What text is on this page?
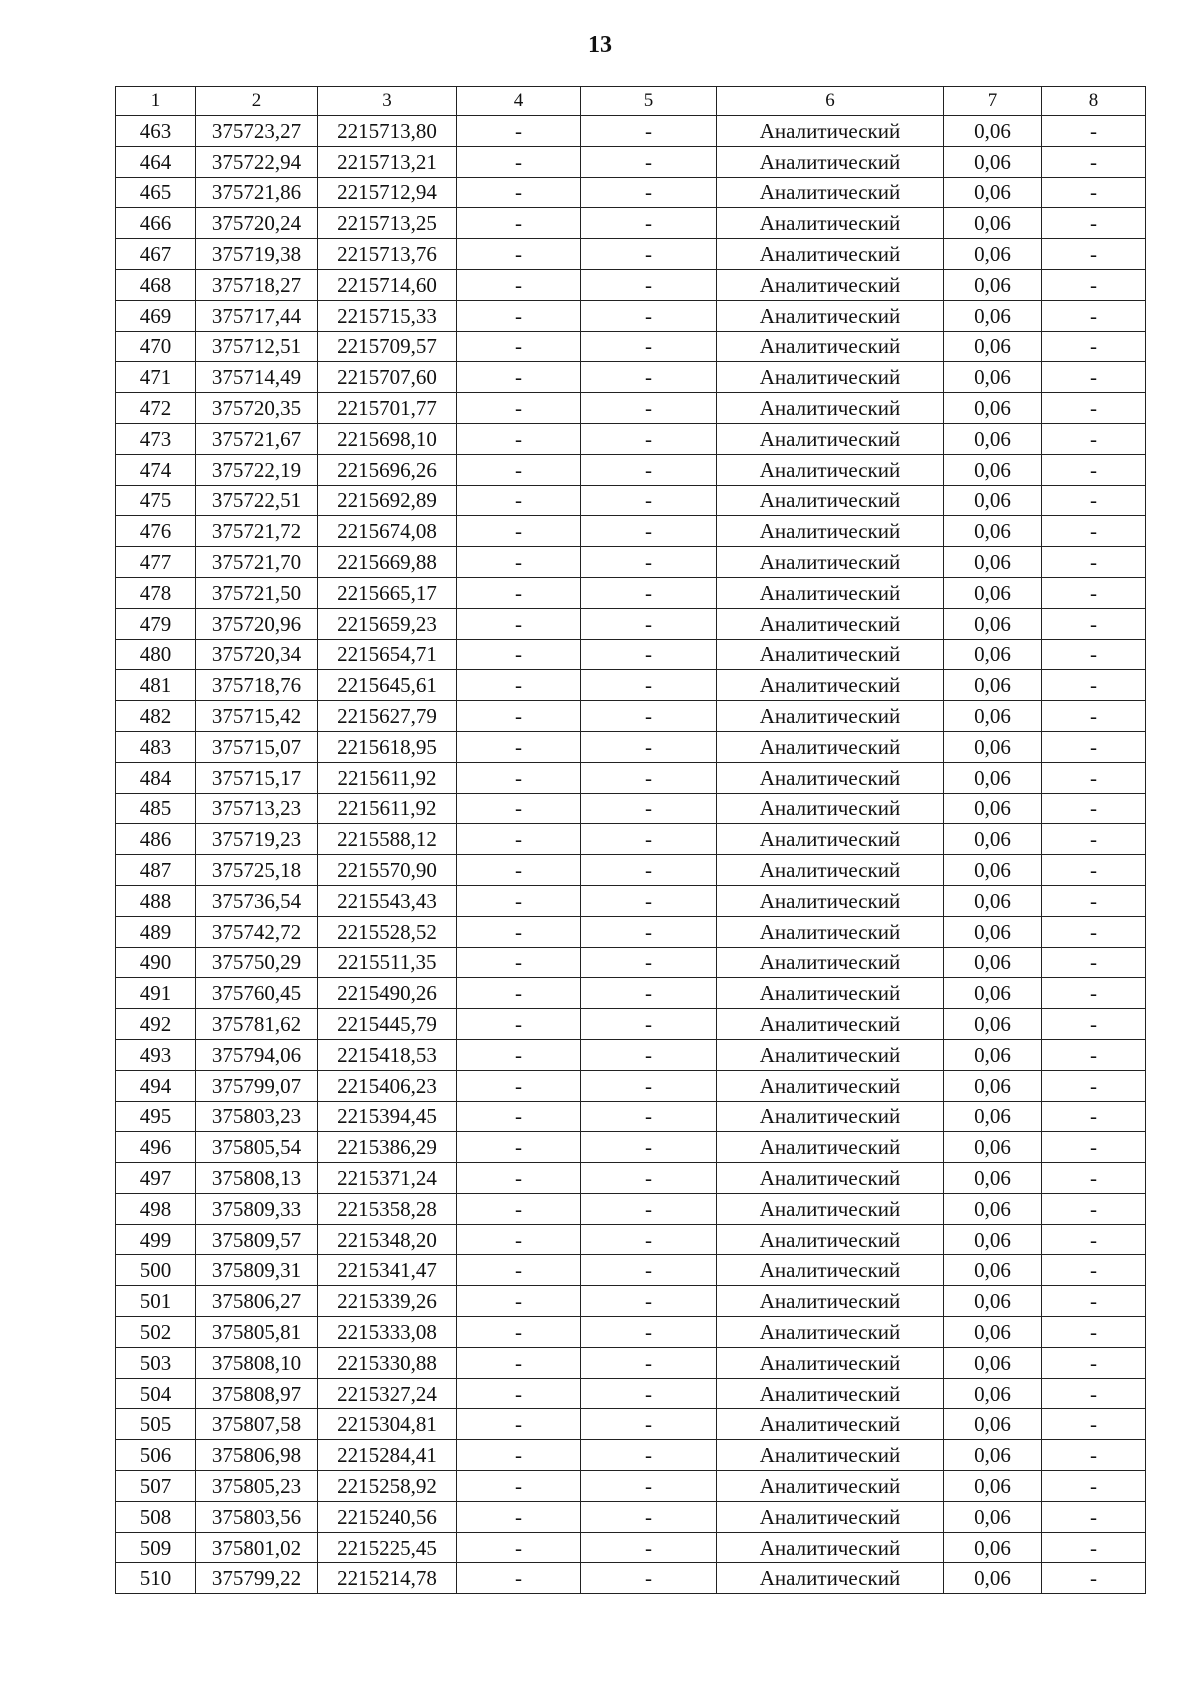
13
1	2	3	4	5	6	7	8
463	375723,27	2215713,80	-	-	Аналитический	0,06	-
464	375722,94	2215713,21	-	-	Аналитический	0,06	-
465	375721,86	2215712,94	-	-	Аналитический	0,06	-
466	375720,24	2215713,25	-	-	Аналитический	0,06	-
467	375719,38	2215713,76	-	-	Аналитический	0,06	-
468	375718,27	2215714,60	-	-	Аналитический	0,06	-
469	375717,44	2215715,33	-	-	Аналитический	0,06	-
470	375712,51	2215709,57	-	-	Аналитический	0,06	-
471	375714,49	2215707,60	-	-	Аналитический	0,06	-
472	375720,35	2215701,77	-	-	Аналитический	0,06	-
473	375721,67	2215698,10	-	-	Аналитический	0,06	-
474	375722,19	2215696,26	-	-	Аналитический	0,06	-
475	375722,51	2215692,89	-	-	Аналитический	0,06	-
476	375721,72	2215674,08	-	-	Аналитический	0,06	-
477	375721,70	2215669,88	-	-	Аналитический	0,06	-
478	375721,50	2215665,17	-	-	Аналитический	0,06	-
479	375720,96	2215659,23	-	-	Аналитический	0,06	-
480	375720,34	2215654,71	-	-	Аналитический	0,06	-
481	375718,76	2215645,61	-	-	Аналитический	0,06	-
482	375715,42	2215627,79	-	-	Аналитический	0,06	-
483	375715,07	2215618,95	-	-	Аналитический	0,06	-
484	375715,17	2215611,92	-	-	Аналитический	0,06	-
485	375713,23	2215611,92	-	-	Аналитический	0,06	-
486	375719,23	2215588,12	-	-	Аналитический	0,06	-
487	375725,18	2215570,90	-	-	Аналитический	0,06	-
488	375736,54	2215543,43	-	-	Аналитический	0,06	-
489	375742,72	2215528,52	-	-	Аналитический	0,06	-
490	375750,29	2215511,35	-	-	Аналитический	0,06	-
491	375760,45	2215490,26	-	-	Аналитический	0,06	-
492	375781,62	2215445,79	-	-	Аналитический	0,06	-
493	375794,06	2215418,53	-	-	Аналитический	0,06	-
494	375799,07	2215406,23	-	-	Аналитический	0,06	-
495	375803,23	2215394,45	-	-	Аналитический	0,06	-
496	375805,54	2215386,29	-	-	Аналитический	0,06	-
497	375808,13	2215371,24	-	-	Аналитический	0,06	-
498	375809,33	2215358,28	-	-	Аналитический	0,06	-
499	375809,57	2215348,20	-	-	Аналитический	0,06	-
500	375809,31	2215341,47	-	-	Аналитический	0,06	-
501	375806,27	2215339,26	-	-	Аналитический	0,06	-
502	375805,81	2215333,08	-	-	Аналитический	0,06	-
503	375808,10	2215330,88	-	-	Аналитический	0,06	-
504	375808,97	2215327,24	-	-	Аналитический	0,06	-
505	375807,58	2215304,81	-	-	Аналитический	0,06	-
506	375806,98	2215284,41	-	-	Аналитический	0,06	-
507	375805,23	2215258,92	-	-	Аналитический	0,06	-
508	375803,56	2215240,56	-	-	Аналитический	0,06	-
509	375801,02	2215225,45	-	-	Аналитический	0,06	-
510	375799,22	2215214,78	-	-	Аналитический	0,06	-
